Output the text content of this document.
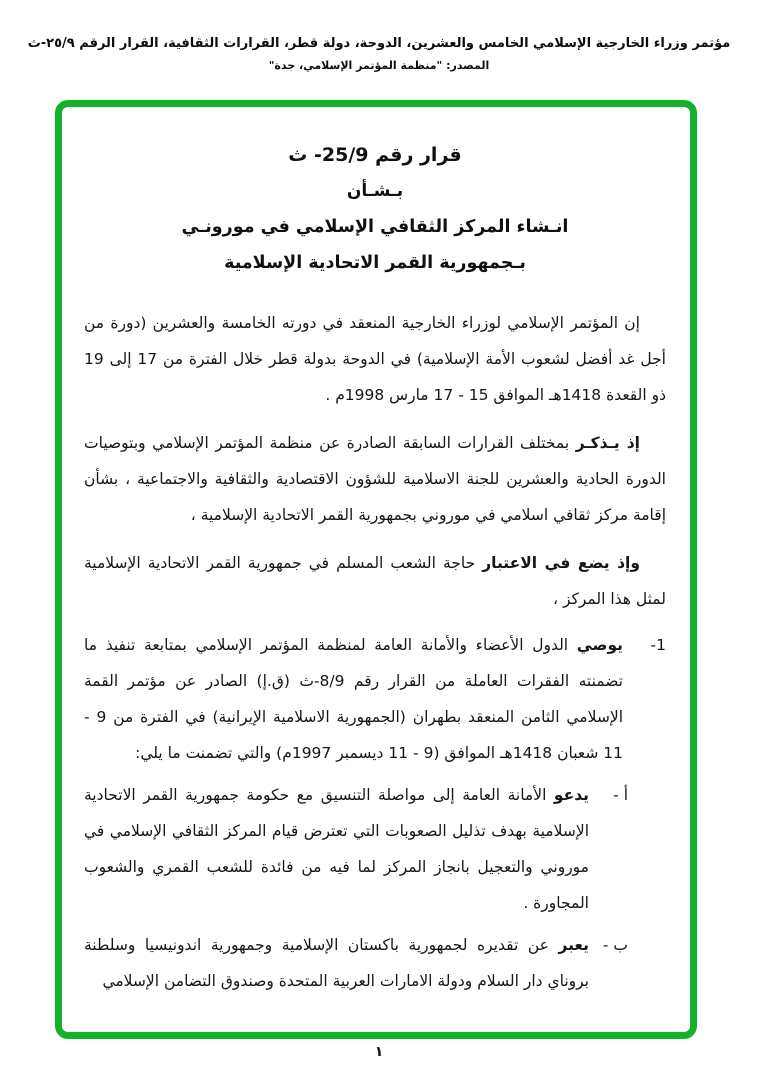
مؤتمر وزراء الخارجية الإسلامي الخامس والعشرين، الدوحة، دولة قطر، القرارات الثقافية، القرار الرقم ٢٥/٩-ث
المصدر: "منظمة المؤتمر الإسلامي، جدة"
قرار رقم 25/9- ث
بـشـأن
انـشاء المركز الثقافي الإسلامي في مورونـي
بـجمهورية القمر الاتحادية الإسلامية

إن المؤتمر الإسلامي لوزراء الخارجية المنعقد في دورته الخامسة والعشرين (دورة من أجل غد أفضل لشعوب الأمة الإسلامية) في الدوحة بدولة قطر خلال الفترة من 17 إلى 19 ذو القعدة 1418هـ الموافق 15 - 17 مارس 1998م .

إذ يـذكـر بمختلف القرارات السابقة الصادرة عن منظمة المؤتمر الإسلامي وبتوصيات الدورة الحادية والعشرين للجنة الاسلامية للشؤون الاقتصادية والثقافية والاجتماعية ، بشأن إقامة مركز ثقافي اسلامي في موروني بجمهورية القمر الاتحادية الإسلامية ،

وإذ يضع في الاعتبار حاجة الشعب المسلم في جمهورية القمر الاتحادية الإسلامية لمثل هذا المركز ،

1-

يوصي الدول الأعضاء والأمانة العامة لمنظمة المؤتمر الإسلامي بمتابعة تنفيذ ما تضمنته الفقرات العاملة من القرار رقم 8/9-ث (ق.إ) الصادر عن مؤتمر القمة الإسلامي الثامن المنعقد بطهران (الجمهورية الاسلامية الإيرانية) في الفترة من 9 - 11 شعبان 1418هـ الموافق (9 - 11 ديسمبر 1997م) والتي تضمنت ما يلي:

أ -

يدعو الأمانة العامة إلى مواصلة التنسيق مع حكومة جمهورية القمر الاتحادية الإسلامية بهدف تذليل الصعوبات التي تعترض قيام المركز الثقافي الإسلامي في موروني والتعجيل بانجاز المركز لما فيه من فائدة للشعب القمري والشعوب المجاورة .

ب -

يعبر عن تقديره لجمهورية باكستان الإسلامية وجمهورية اندونيسيا وسلطنة بروناي دار السلام ودولة الامارات العربية المتحدة وصندوق التضامن الإسلامي

١
